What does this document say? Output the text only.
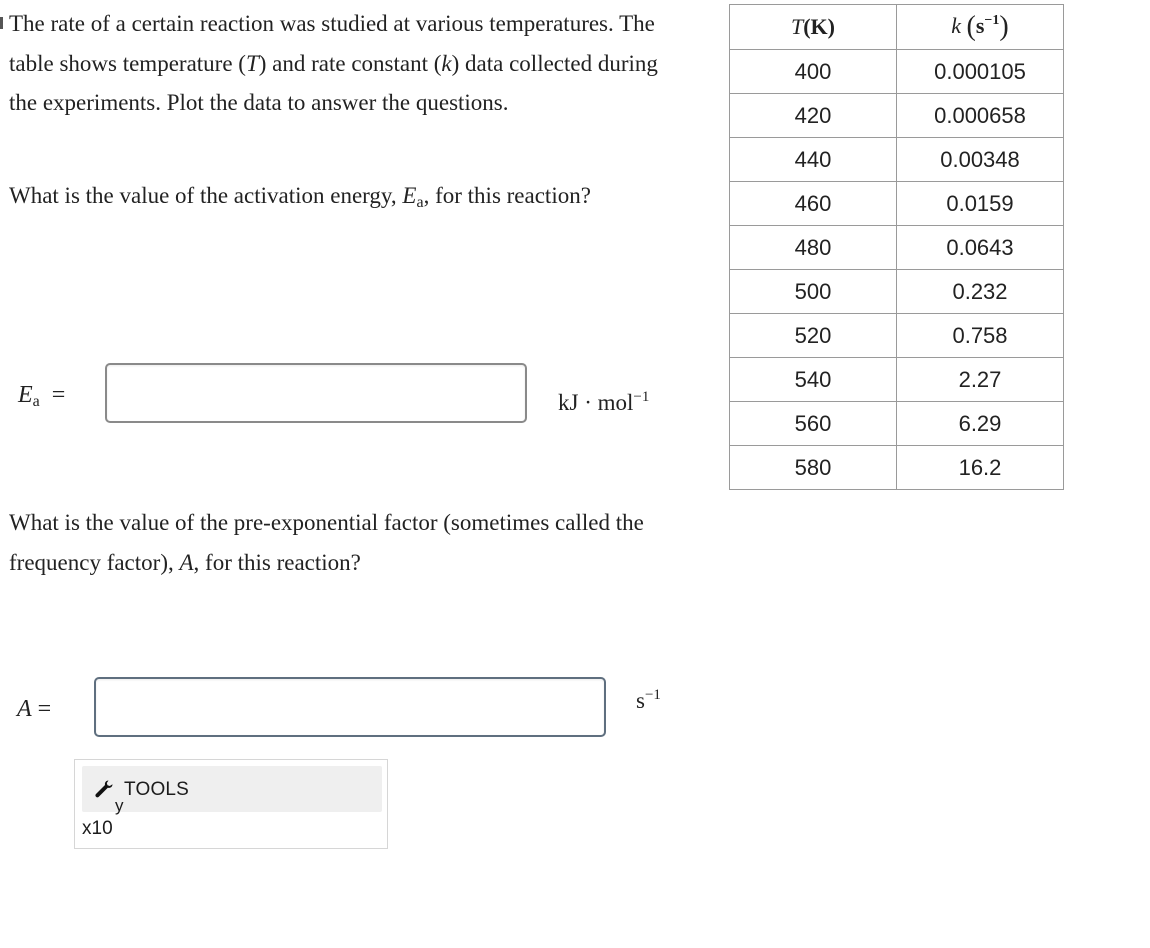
The rate of a certain reaction was studied at various temperatures. The table shows temperature (T) and rate constant (k) data collected during the experiments. Plot the data to answer the questions.

What is the value of the activation energy, $E_a$, for this reaction?

$E_a$ =	kJ · mol$^{-1}$

What is the value of the pre-exponential factor (sometimes called the frequency factor), A, for this reaction?

A =	$s^{-1}$
TOOLS
y
x10
T(K)	k $(s^{-1})$
400	0.000105
420	0.000658
440	0.00348
460	0.0159
480	0.0643
500	0.232
520	0.758
540	2.27
560	6.29
580	16.2
